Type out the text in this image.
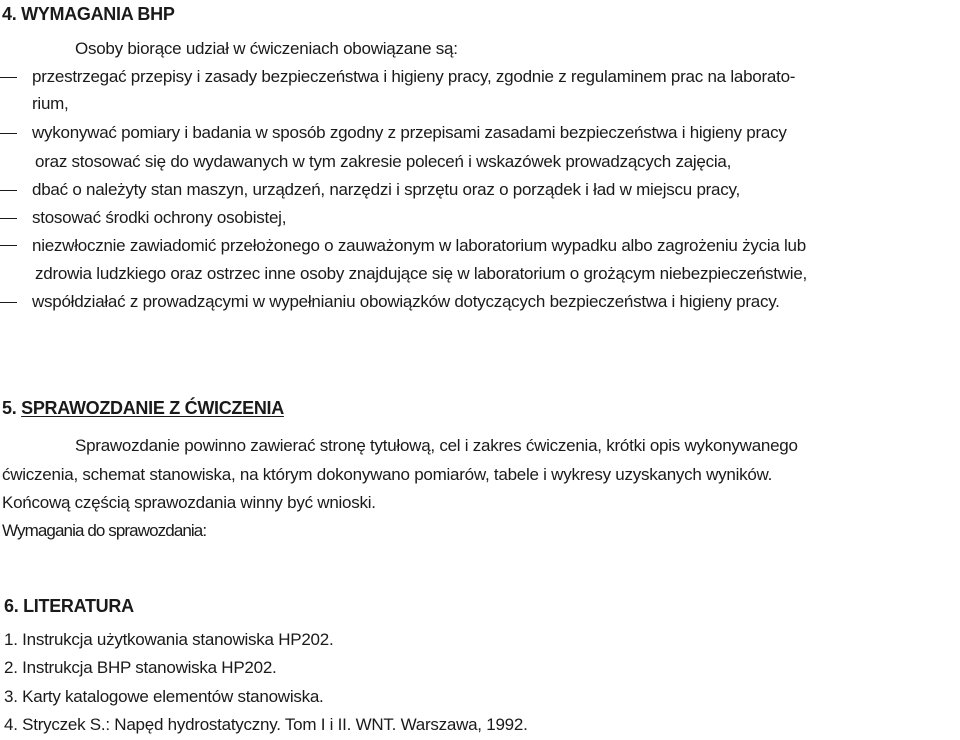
4. WYMAGANIA BHP
Osoby biorące udział w ćwiczeniach obowiązane są:
przestrzegać przepisy i zasady bezpieczeństwa i higieny pracy, zgodnie z regulaminem prac na laborato-
rium,
wykonywać pomiary i badania w sposób zgodny z przepisami zasadami bezpieczeństwa i higieny pracy
oraz stosować się do wydawanych w tym zakresie poleceń i wskazówek prowadzących zajęcia,
dbać o należyty stan maszyn, urządzeń, narzędzi i sprzętu oraz o porządek i ład w miejscu pracy,
stosować środki ochrony osobistej,
niezwłocznie zawiadomić przełożonego o zauważonym w laboratorium wypadku albo zagrożeniu życia lub
zdrowia ludzkiego oraz ostrzec inne osoby znajdujące się w laboratorium o grożącym niebezpieczeństwie,
współdziałać z prowadzącymi w wypełnianiu obowiązków dotyczących bezpieczeństwa i higieny pracy.
5. SPRAWOZDANIE Z ĆWICZENIA
Sprawozdanie powinno zawierać stronę tytułową, cel i zakres ćwiczenia, krótki opis wykonywanego
ćwiczenia, schemat stanowiska, na którym dokonywano pomiarów, tabele i wykresy uzyskanych wyników.
Końcową częścią sprawozdania winny być wnioski.
Wymagania do sprawozdania:
6. LITERATURA
1. Instrukcja użytkowania stanowiska HP202.
2. Instrukcja BHP stanowiska HP202.
3. Karty katalogowe elementów stanowiska.
4. Stryczek S.: Napęd hydrostatyczny. Tom I i II. WNT. Warszawa, 1992.
